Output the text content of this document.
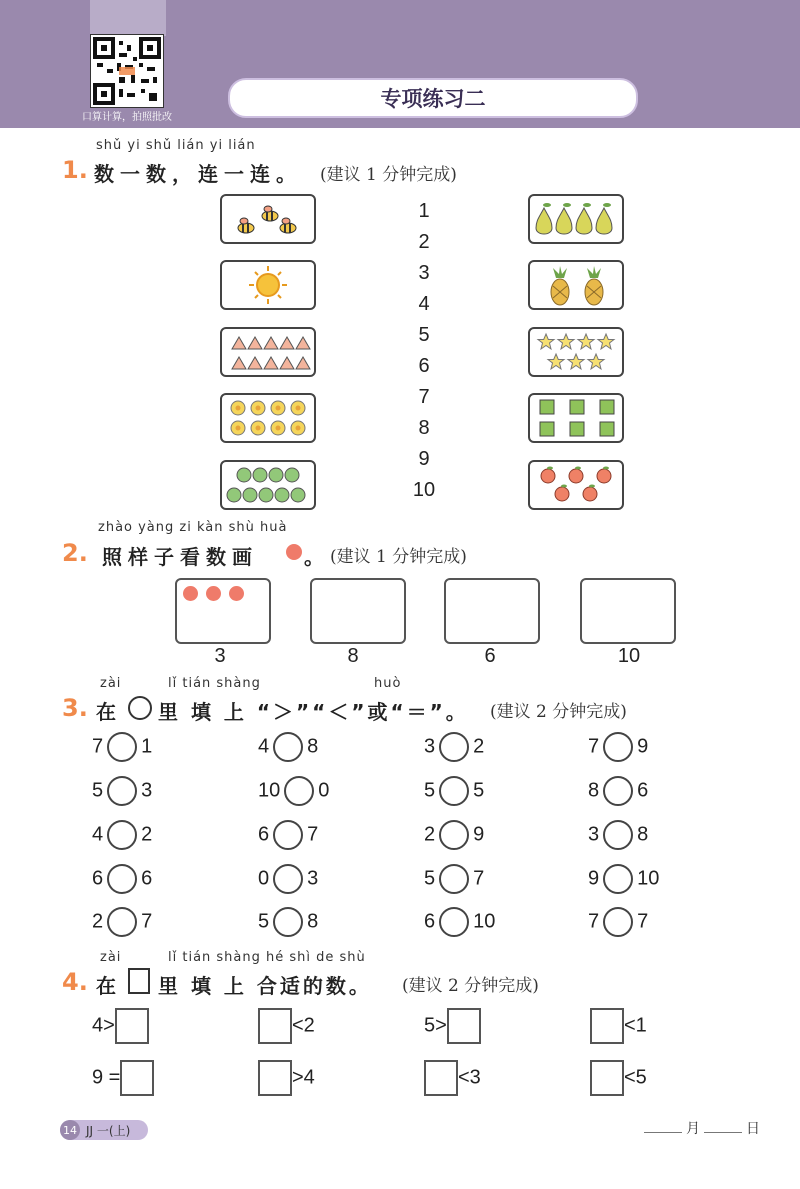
口算计算，拍照批改
专项练习二
shǔ yi shǔ lián yi lián
1. 数一数，连一连。 (建议 1 分钟完成)
1
2
3
4
5
6
7
8
9
10
zhào yàng zi kàn shù huà
2. 照样子看数画 。 (建议 1 分钟完成)
3	8	6	10
zài	lǐ tián shàng	huò
3. 在 里 填 上 “＞”“＜”或“＝”。 (建议 2 分钟完成)
7 1	4 8	3 2	7 9
5 3	10 0	5 5	8 6
4 2	6 7	2 9	3 8
6 6	0 3	5 7	9 10
2 7	5 8	6 10	7 7
zài	lǐ tián shàng hé shì de shù
4. 在 里 填 上 合适的数。 (建议 2 分钟完成)
4>	<2	5>	<1
9 =	>4	<3	<5
14 JJ 一(上)	月	日
